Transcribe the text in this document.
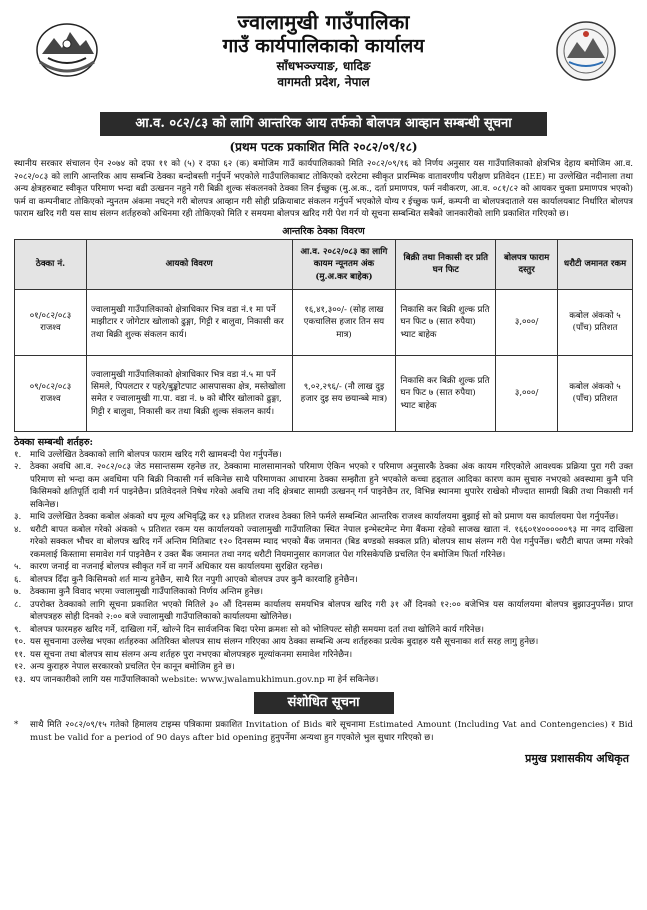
ज्वालामुखी गाउँपालिका
गाउँ कार्यपालिकाको कार्यालय
साँधभञ्ज्याङ, धादिङ
वागमती प्रदेश, नेपाल
आ.व. ०८२/८३ को लागि आन्तरिक आय तर्फको बोलपत्र आव्हान सम्बन्धी सूचना
(प्रथम पटक प्रकाशित मिति २०८२/०९/१८)
स्थानीय सरकार संचालन ऐन २०७४ को दफा ११ को (५) र दफा ६२ (क) बमोजिम गाउँ कार्यपालिकाको मिति २०८२/०९/१६ को निर्णय अनुसार यस गाउँपालिकाको क्षेत्रभित्र देहाय बमोजिम आ.व. २०८२/०८३ को लागि आन्तरिक आय सम्बन्धि ठेक्का बन्दोबस्ती गर्नुपर्ने भएकोले गाउँपालिकाबाट तोकिएको दररेटमा स्वीकृत प्रारम्भिक वातावरणीय परीक्षण प्रतिवेदन (IEE) मा उल्लेखित नदीनाला तथा अन्य क्षेत्रहरुबाट स्वीकृत परिमाण भन्दा बढी उत्खनन नहुने गरी बिक्री शुल्क संकलनको ठेक्का लिन ईच्छुक (मु.अ.क., दर्ता प्रमाणपत्र, फर्म नवीकरण, आ.व. ०८१/८२ को आयकर चुक्ता प्रमाणपत्र भएको) फर्म वा कम्पनीबाट तोकिएको न्युनतम अंकमा नघट्ने गरी बोलपत्र आव्हान गरी सोही प्रक्रियाबाट संकलन गर्नुपर्ने भएकोले योग्य र ईच्छुक फर्म, कम्पनी वा बोलपत्रदाताले यस कार्यालयबाट निर्धारित बोलपत्र फाराम खरिद गरी यस साथ संलग्न शर्तहरुको अधिनमा रही तोकिएको मिति र समयमा बोलपत्र खरिद गरी पेश गर्न यो सूचना सम्बन्धित सबैको जानकारीको लागि प्रकाशित गरिएको छ।
आन्तरिक ठेक्का विवरण
ठेक्का नं.	आयको विवरण	आ.व. २०८२/०८३ का लागि कायम न्यूनतम अंक (मु.अ.कर बाहेक)	बिक्री तथा निकासी दर प्रति घन फिट	बोलपत्र फाराम दस्तुर	धरौटी जमानत रकम
०१/०८२/०८३ राजश्व	ज्वालामुखी गाउँपालिकाको क्षेत्राधिकार भित्र वडा नं.१ मा पर्ने माझीटार र जोगेटार खोलाको ढुङ्गा, गिट्टी र बालुवा, निकासी कर तथा बिक्री शुल्क संकलन कार्य।	१६,४१,३००/- (सोह लाख एकचालिस हजार तिन सय मात्र)	निकासि कर बिक्री शुल्क प्रति घन फिट ७ (सात रुपैया) भ्याट बाहेक	३,०००/	कबोल अंकको ५ (पाँच) प्रतिशत
०९/०८२/०८३ राजश्व	ज्वालामुखी गाउँपालिकाको क्षेत्राधिकार भित्र वडा नं.५ मा पर्ने सिमले, पिपलटार र पहरे/बुङ्कोटपाट आसपासका क्षेत्र, मस्तेखोला समेत र ज्वालामुखी गा.पा. वडा नं. ७ को बौरिर खोलाको ढुङ्गा, गिट्टी र बालुवा, निकासी कर तथा बिक्री शुल्क संकलन कार्य।	९,०२,२९६/- (नौ लाख दुइ हजार दुइ सय छयान्ब्बे मात्र)	निकासि कर बिक्री शुल्क प्रति घन फिट ७ (सात रुपैया) भ्याट बाहेक	३,०००/	कबोल अंकको ५ (पाँच) प्रतिशत
ठेक्का सम्बन्धी शर्तहरु:
१.	माथि उल्लेखित ठेक्काको लागि बोलपत्र फाराम खरिद गरी खामबन्दी पेश गर्नुपर्नेछ।
२.	ठेक्का अवधि आ.व. २०८२/०८३ जेठ मसान्तसम्म रहनेछ तर, ठेक्कामा मालसामानको परिमाण ऐकिन भएको र परिमाण अनुसारकै ठेक्का अंक कायम गरिएकोले आवश्यक प्रक्रिया पुरा गरी उक्त परिमाण सो भन्दा कम अवधिमा पनि बिक्री निकासी गर्न सकिनेछ साथै परिमाणका आधारमा ठेक्का सम्झौता हुने भएकोले कच्चा हड्ताल आदिका कारण काम सुचारु नभएको अवस्थामा कुनै पनि किसिमको क्षतिपूर्ति दावी गर्न पाइनेछैन। प्रतिवेदनले निषेध गरेको अवधि तथा नदि क्षेत्रबाट सामग्री उत्खनन् गर्न पाइनेछैन तर, विभिन्न स्थानमा थुपारेर राखेको मौज्दात सामग्री बिक्री तथा निकासी गर्न सकिनेछ।
३.	माथि उल्लेखित ठेक्का कबोल अंकको थप मूल्य अभिवृद्धि कर १३ प्रतिशत राजश्व ठेक्का लिने फर्मले सम्बन्धित आन्तरिक राजश्व कार्यालयमा बुझाई सो को प्रमाण यस कार्यालयमा पेश गर्नुपर्नेछ।
४.	धरौटी बापत कबोल गरेको अंकको ५ प्रतिशत रकम यस कार्यालयको ज्वालामुखी गाउँपालिका स्थित नेपाल इन्भेस्टमेन्ट मेगा बैंकमा रहेको साजख खाता नं. १६६०१४००००००९३ मा नगद दाखिला गरेको सक्कल भौचर वा बोलपत्र खरिद गर्ने अन्तिम मितिबाट १२० दिनसम्म म्याद भएको बैंक जमानत (बिड बण्डको सक्कल प्रति) बोलपत्र साथ संलग्न गरी पेश गर्नुपर्नेछ। धरौटी बापत जम्मा गरेको रकमलाई किस्तामा समावेश गर्न पाइनेछैन र उक्त बैंक जमानत तथा नगद धरौटी नियमानुसार कागजात पेश गरिसकेपछि प्रचलित ऐन बमोजिम फिर्ता गरिनेछ।
५.	कारण जनाई वा नजनाई बोलपत्र स्वीकृत गर्ने वा नगर्ने अधिकार यस कार्यालयमा सुरक्षित रहनेछ।
६.	बोलपत्र दिँदा कुनै किसिमको शर्त मान्य हुनेछैन, साथै रित नपुगी आएको बोलपत्र उपर कुनै कारवाहि हुनेछैन।
७.	ठेक्कामा कुनै विवाद भएमा ज्वालामुखी गाउँपालिकाको निर्णय अन्तिम हुनेछ।
८.	उपरोक्त ठेक्काको लागि सूचना प्रकाशित भएको मितिले ३० औं दिनसम्म कार्यालय समयभित्र बोलपत्र खरिद गरी ३१ औं दिनको १२:०० बजेभित्र यस कार्यालयमा बोलपत्र बुझाउनुपर्नेछ। प्राप्त बोलपत्रहरु सोही दिनको २:०० बजे ज्वालामुखी गाउँपालिकाको कार्यालयमा खोलिनेछ।
९.	बोलपत्र फारमहरु खरिद गर्ने, दाखिला गर्ने, खोल्ने दिन सार्वजनिक बिदा परेमा क्रमशः सो को भोलिपल्ट सोही समयमा दर्ता तथा खोलिने कार्य गरिनेछ।
१०. यस सूचनामा उल्लेख भएका शर्तहरुका अतिरिक्त बोलपत्र साथ संलग्न गरिएका आय ठेक्का सम्बन्धि अन्य शर्तहरुका प्रत्येक बुदाहरु यसै सूचनाका शर्त सरह लागु हुनेछ।
११. यस सूचना तथा बोलपत्र साथ संलग्न अन्य शर्तहरु पुरा नभएका बोलपत्रहरु मूल्यांकनमा समावेश गरिनेछैन।
१२. अन्य कुराहरु नेपाल सरकारको प्रचलित ऐन कानून बमोजिम हुने छ।
१३. थप जानकारीको लागि यस गाउँपालिकाको website: www.jwalamukhimun.gov.np मा हेर्न सकिनेछ।
संशोधित सूचना
*	साथै मिति २०८२/०९/१५ गतेको हिमालय टाइम्स पत्रिकामा प्रकाशित Invitation of Bids बारे सूचनामा Estimated Amount (Including Vat and Contengencies) र Bid must be valid for a period of 90 days after bid opening हुनुपर्नेमा अन्यथा हुन गएकोले भुल सुधार गरिएको छ।
प्रमुख प्रशासकीय अधिकृत
